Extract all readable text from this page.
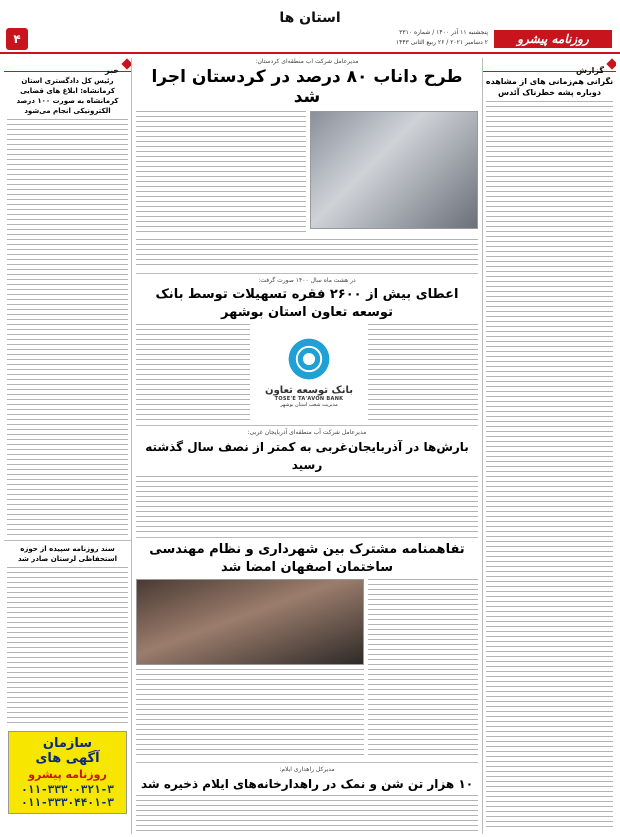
۴
استان ها
پنجشنبه ۱۱ آذر ۱۴۰۰ / شماره ۳۳۱۰
۲ دسامبر ۲۰۲۱ / ۲۶ ربیع الثانی ۱۴۴۳	روزنامه پیشرو
گزارش
نگرانی هم‌زمانی های از مشاهده دوباره پشه خطرناک آئدس
خبر
رئیس کل دادگستری استان کرمانشاه: ابلاغ های قضایی کرمانشاه به صورت ۱۰۰ درصد الکترونیکی انجام می‌شود
سند روزنامه سپیده از حوزه استحفاظی لرستان صادر شد
سازمان
آگهی های
روزنامه پیشرو
۰۱۱-۳۳۳۰۰۳۲۱-۳
۰۱۱-۳۳۳۰۴۴۰۱-۳
مدیرعامل شرکت آب منطقه‌ای کردستان:
طرح داناب ۸۰ درصد در کردستان اجرا شد
در هشت ماه سال ۱۴۰۰ صورت گرفت:
اعطای بیش از ۲۶۰۰ فقره تسهیلات توسط بانک توسعه تعاون استان بوشهر
بانک توسعه تعاون
TOSE'E TA'AVON BANK
مدیریت شعب استان بوشهر
مدیرعامل شرکت آب منطقه‌ای آذربایجان غربی:
بارش‌ها در آذربایجان‌غربی به کمتر از نصف سال گذشته رسید
تفاهمنامه مشترک بین شهرداری و نظام مهندسی ساختمان اصفهان امضا شد
مدیرکل راهداری ایلام:
۱۰ هزار تن شن و نمک در راهدارخانه‌های ایلام ذخیره شد
